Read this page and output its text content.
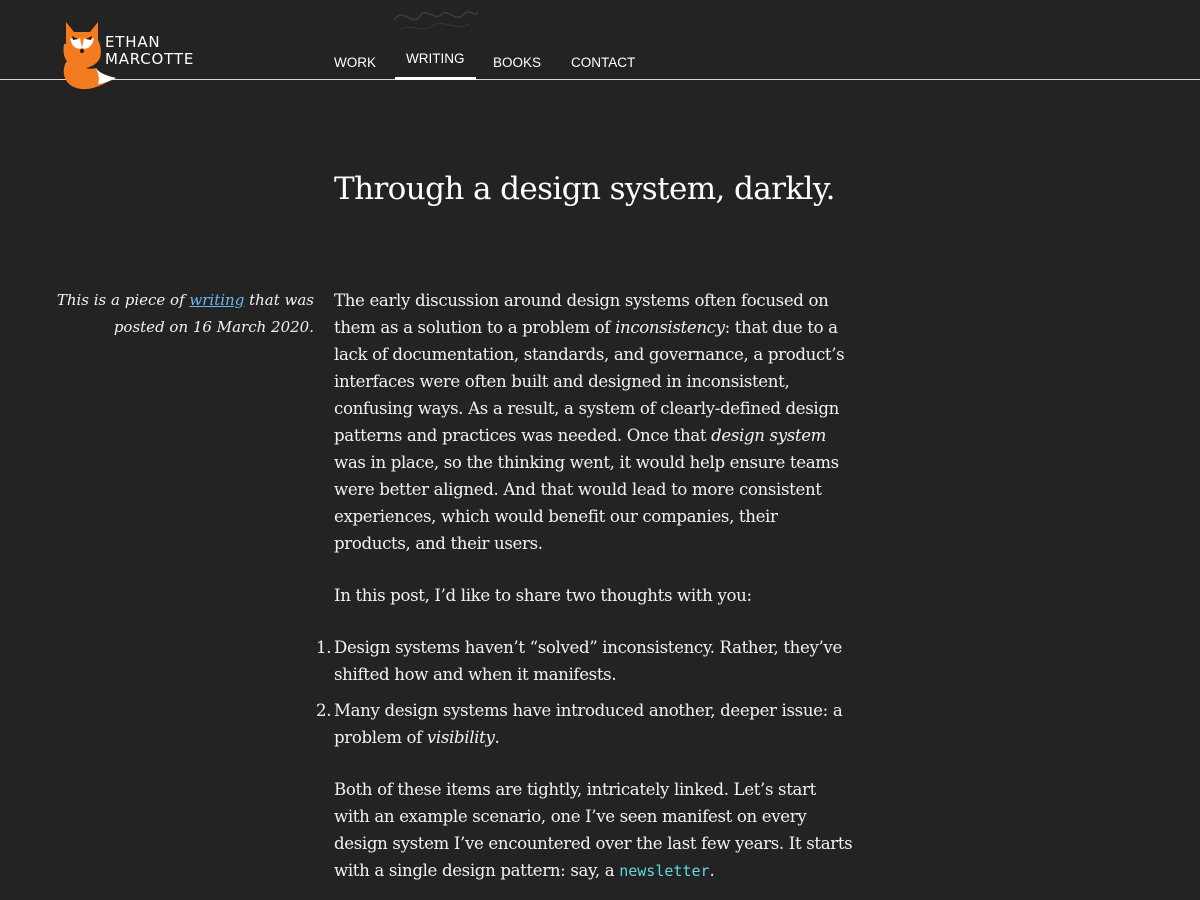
ETHAN
MARCOTTE	WORK WRITING BOOKS CONTACT
Through a design system, darkly.
This is a piece of writing that was posted on 16 March 2020.

The early discussion around design systems often focused on them as a solution to a problem of inconsistency: that due to a lack of documentation, standards, and governance, a product’s interfaces were often built and designed in inconsistent, confusing ways. As a result, a system of clearly-defined design patterns and practices was needed. Once that design system was in place, so the thinking went, it would help ensure teams were better aligned. And that would lead to more consistent experiences, which would benefit our companies, their products, and their users.

In this post, I’d like to share two thoughts with you:

1. Design systems haven’t “solved” inconsistency. Rather, they’ve shifted how and when it manifests.
2. Many design systems have introduced another, deeper issue: a problem of visibility.

Both of these items are tightly, intricately linked. Let’s start with an example scenario, one I’ve seen manifest on every design system I’ve encountered over the last few years. It starts with a single design pattern: say, a newsletter.
